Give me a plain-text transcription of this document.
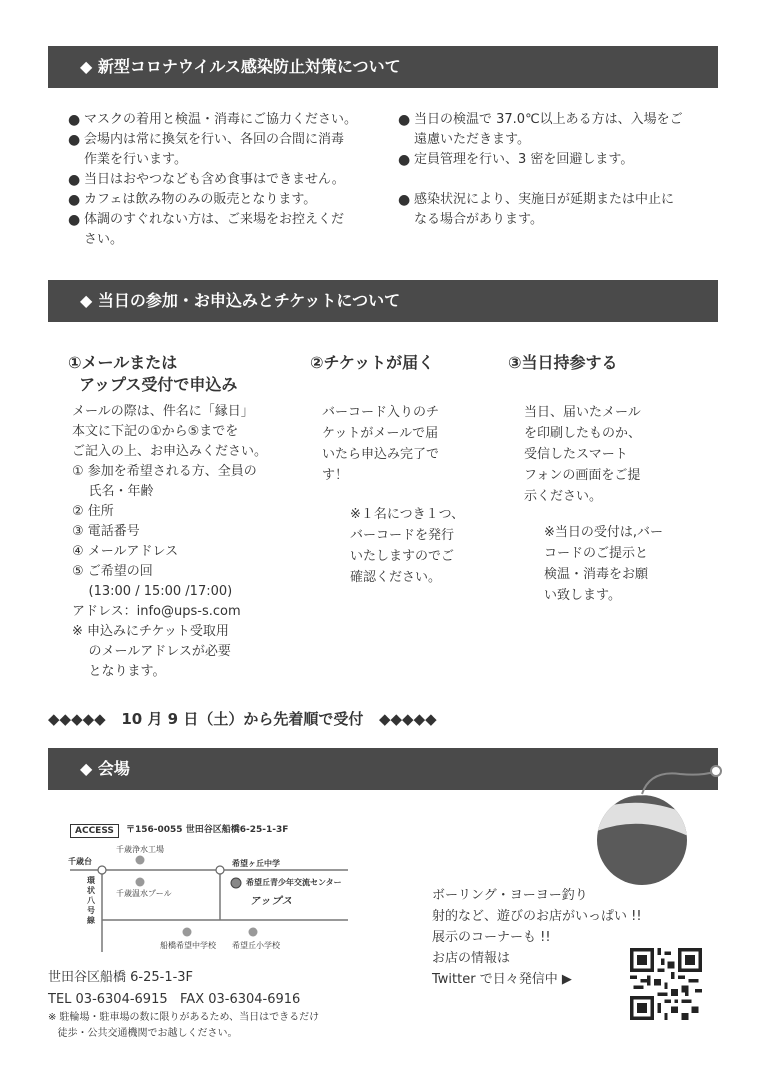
◆ 新型コロナウイルス感染防止対策について
● マスクの着用と検温・消毒にご協力ください。
● 会場内は常に換気を行い、各回の合間に消毒
作業を行います。
● 当日はおやつなども含め食事はできません。
● カフェは飲み物のみの販売となります。
● 体調のすぐれない方は、ご来場をお控えくだ
さい。
● 当日の検温で 37.0℃以上ある方は、入場をご
遠慮いただきます。
● 定員管理を行い、3 密を回避します。
● 感染状況により、実施日が延期または中止に
なる場合があります。
◆ 当日の参加・お申込みとチケットについて
①メールまたは
アップス受付で申込み
メールの際は、件名に「縁日」
本文に下記の①から⑤までを
ご記入の上、お申込みください。
① 参加を希望される方、全員の
氏名・年齢
② 住所
③ 電話番号
④ メールアドレス
⑤ ご希望の回
(13:00 / 15:00 /17:00)
アドレス：info@ups-s.com
※ 申込みにチケット受取用
のメールアドレスが必要
となります。
②チケットが届く
バーコード入りのチ
ケットがメールで届
いたら申込み完了で
す！
※１名につき１つ、
バーコードを発行
いたしますのでご
確認ください。
③当日持参する
当日、届いたメール
を印刷したものか、
受信したスマート
フォンの画面をご提
示ください。
※当日の受付は,バー
コードのご提示と
検温・消毒をお願
い致します。
◆◆◆◆◆   10 月 9 日（土）から先着順で受付   ◆◆◆◆◆
◆ 会場
ACCESS	〒156-0055 世田谷区船橋6-25-1-3F
千歳浄水工場
千歳台	希望ヶ丘中学
環状八号線
千歳温水プール
希望丘青少年交流センター
アップス
船橋希望中学校 希望丘小学校
世田谷区船橋 6-25-1-3F
TEL 03-6304-6915   FAX 03-6304-6916
※ 駐輪場・駐車場の数に限りがあるため、当日はできるだけ
徒歩・公共交通機関でお越しください。
ボーリング・ヨーヨー釣り
射的など、遊びのお店がいっぱい !!
展示のコーナーも !!
お店の情報は
Twitter で日々発信中 ▶
